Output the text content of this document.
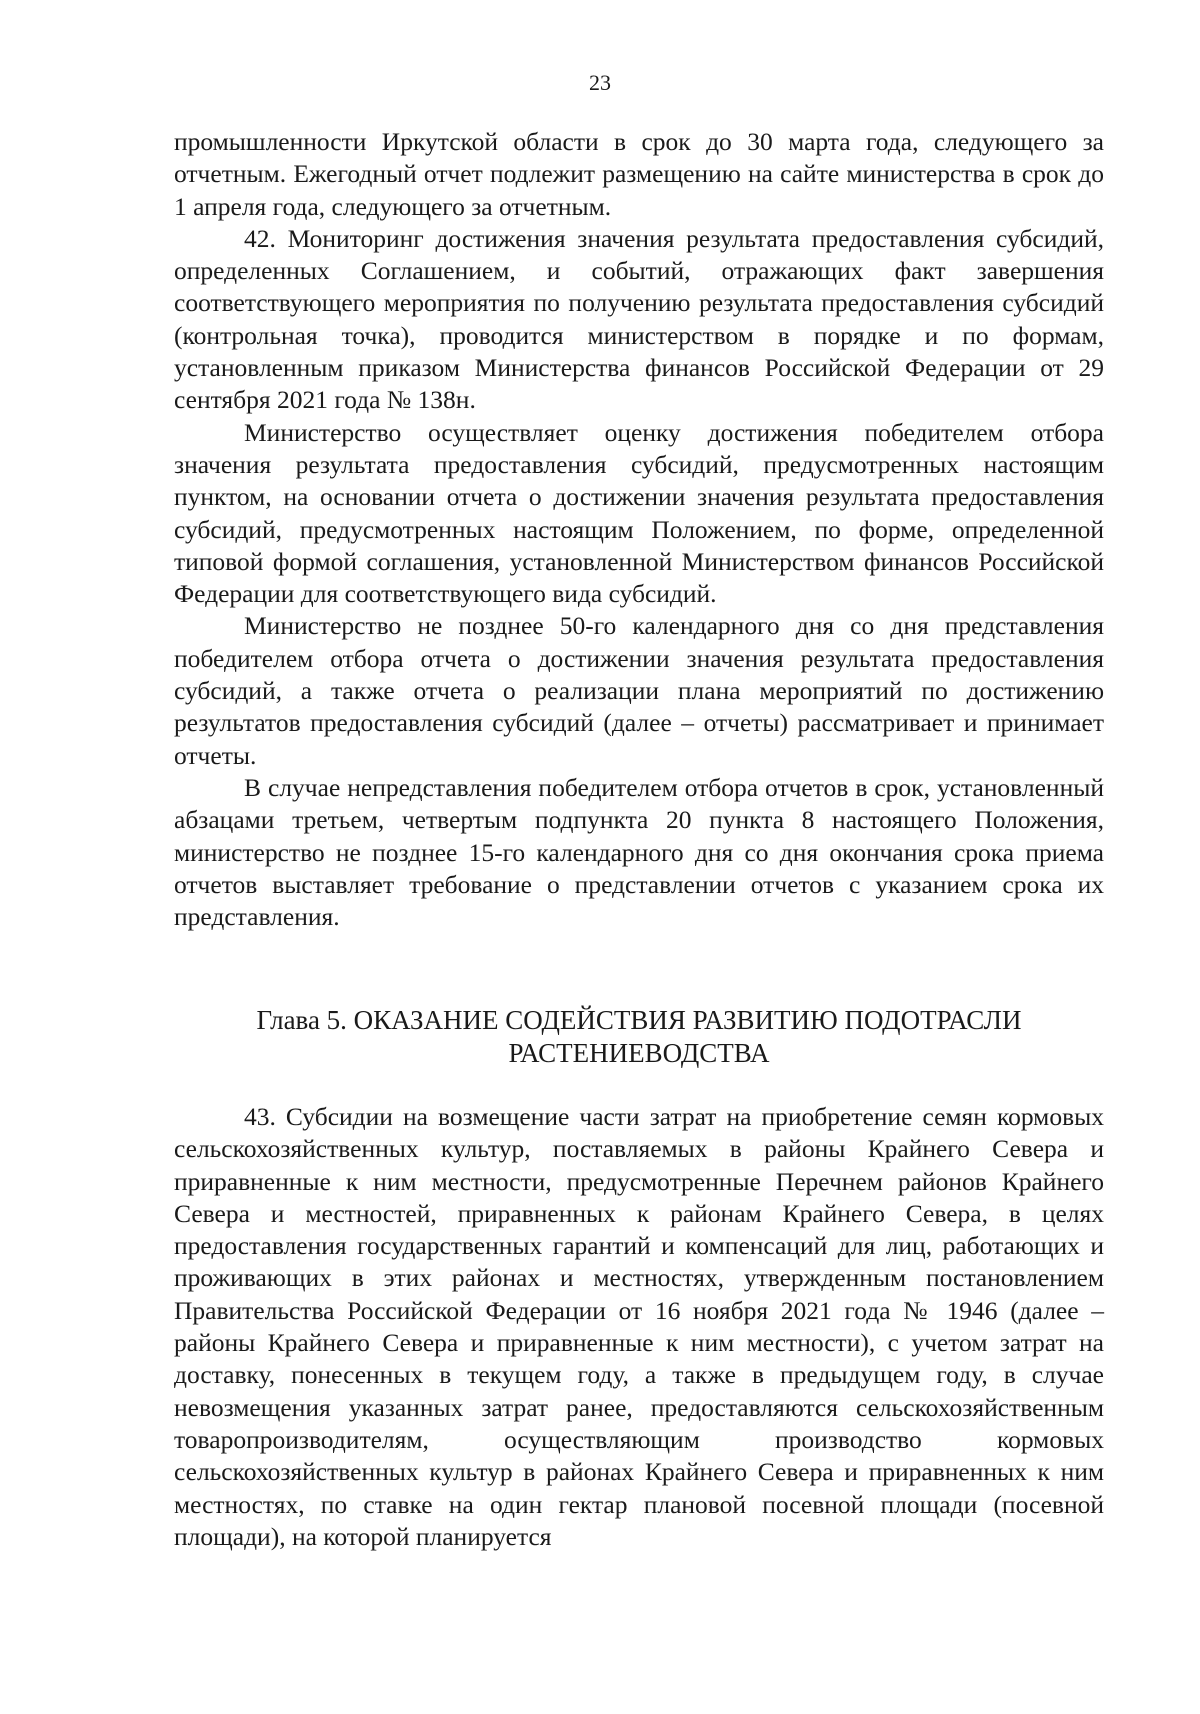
23

промышленности Иркутской области в срок до 30 марта года, следующего за отчетным. Ежегодный отчет подлежит размещению на сайте министерства в срок до 1 апреля года, следующего за отчетным.

42. Мониторинг достижения значения результата предоставления субсидий, определенных Соглашением, и событий, отражающих факт завершения соответствующего мероприятия по получению результата предоставления субсидий (контрольная точка), проводится министерством в порядке и по формам, установленным приказом Министерства финансов Российской Федерации от 29 сентября 2021 года № 138н.

Министерство осуществляет оценку достижения победителем отбора значения результата предоставления субсидий, предусмотренных настоящим пунктом, на основании отчета о достижении значения результата предоставления субсидий, предусмотренных настоящим Положением, по форме, определенной типовой формой соглашения, установленной Министерством финансов Российской Федерации для соответствующего вида субсидий.

Министерство не позднее 50-го календарного дня со дня представления победителем отбора отчета о достижении значения результата предоставления субсидий, а также отчета о реализации плана мероприятий по достижению результатов предоставления субсидий (далее – отчеты) рассматривает и принимает отчеты.

В случае непредставления победителем отбора отчетов в срок, установленный абзацами третьем, четвертым подпункта 20 пункта 8 настоящего Положения, министерство не позднее 15-го календарного дня со дня окончания срока приема отчетов выставляет требование о представлении отчетов с указанием срока их представления.

Глава 5. ОКАЗАНИЕ СОДЕЙСТВИЯ РАЗВИТИЮ ПОДОТРАСЛИ
РАСТЕНИЕВОДСТВА

43. Субсидии на возмещение части затрат на приобретение семян кормовых сельскохозяйственных культур, поставляемых в районы Крайнего Севера и приравненные к ним местности, предусмотренные Перечнем районов Крайнего Севера и местностей, приравненных к районам Крайнего Севера, в целях предоставления государственных гарантий и компенсаций для лиц, работающих и проживающих в этих районах и местностях, утвержденным постановлением Правительства Российской Федерации от 16 ноября 2021 года № 1946 (далее – районы Крайнего Севера и приравненные к ним местности), с учетом затрат на доставку, понесенных в текущем году, а также в предыдущем году, в случае невозмещения указанных затрат ранее, предоставляются сельскохозяйственным товаропроизводителям, осуществляющим производство кормовых сельскохозяйственных культур в районах Крайнего Севера и приравненных к ним местностях, по ставке на один гектар плановой посевной площади (посевной площади), на которой планируется
